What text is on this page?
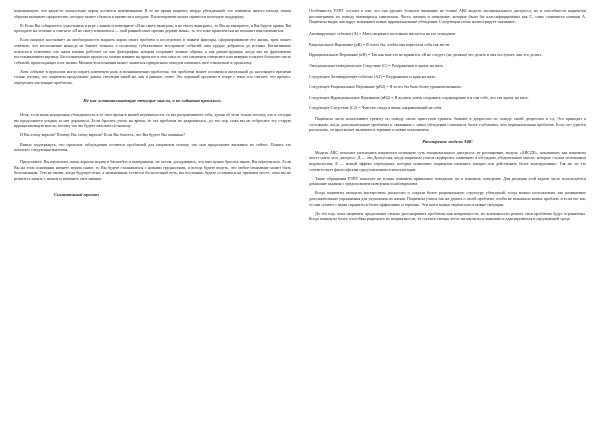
понимающую, что какие-то личностные черты остаются неизменными. В то же время пациент, твердо убежденный, что изменить ничего нельзя, таким образом вызывает пророчество, которое может сбыться и привести к неудаче. Психотерапевт может принести полезную поддержку.

В: Если Вы собираетесь участвовать в игре с вином и повторяете «Я не смогу выиграть, я не смогу выиграть», то Вы не выиграете, и Вы будете правы. Вы проходите на лечение и считаете «Я не смогу измениться — мой ранний опыт прочно держит меня», то это тоже практически не поможет вам измениться.

Если пациент настаивает на необходимости вскрыть корни своих проблем и исследовать в памяти факторы, сформировавшие его жизнь, врач может ответить, что восполнение никогда не бывает точным, а поскольку субъективное восприятие событий, нам трудно добраться до истины. Когнитивные психологи отмечают, что наша память работает не как фотография, которая сохраняет точные образы, а как реконструкция, когда мы по фрагментам восстанавливаем картину. Бессознательные процессы сильно влияют на прошлое в том смысле, что пациенты отвергают или неверно толкуют большую часть событий, происходящих в их жизни. Момент восполнения может оказаться прекрасным поводом изменить свое отношение к прошлому.

Хотя событие в прошлом могло играть ключевую роль в возникновении проблемы, эта проблема может оставаться актуальной до настоящего времени только потому, что пациенты продолжают давать ситуации такой же, как и раньше, ответ. Это хороший аргумент в споре с теми, кто считает, что процесс определяет настоящие проблемы.

Не нас останавливающие текущие мысли, а не события прошлого.

Итак, если ваша неразумная убежденность в ее свое время в вашей неуязвимости, то вы растравливаете себя, думая об этом только потому, что и сегодня вы продолжаете упорно за нее держаться. Если бросить учить на время, то эта проблема не разрешилась, до тех пор, пока вы не отбросите эту старую иррациональную мысль, потому что вы будете мыслить по-новому.

И Вы этому верили? Почему Вы этому верили? Если Вы боитесь, что Вы будете Вы повинны?

Важно подчеркнуть, что прошлые заблуждения остаются проблемой для пациентов потому, что они продолжают вызывать их сейчас. Понять это помогает следующая аналогия.

Представьте, Вы научились очень хорошо играть в баскетбол и выигрывали, но потом, догадавшись, что мяч нужно бросать иначе, Вы переучились. Если Вы на этом основании начнете играть иначе, то Вы будете сталкиваться с новыми трудностями, и всегда будете видеть, что любое изменение может быть болезненным. Тем не менее, когда будущее ясно, а неизменным остается бесполезный путь, вы постоянно будете оставаться на прежнем месте, пока вы не решитесь начать с начала и изменить свое мнение.

Симптомный прогноз

Особенность РЭПТ состоит в том, что она уделяет большое внимание не только АВС-модели эмоционального дистресса, но и способности пациентов рассматривать по поводу имеющихся симптомов. Часто эмоции и поведение, которые были бы классифицированы как С, сами становятся новыми А. Пациенты видят, как вдруг возникают новые иррациональные убеждения. Следующая схема иллюстрирует сказанное.

Активирующее событие (А) = Мать пациента постоянно жалуется на его поведение.

Рациональное Верование (рВ) = Я хотел бы, чтобы она перестала себя так вести.

Иррациональное Верование (иВ) = Так как мне это не нравится, ей не следует (не должна) это делать и она поступает, как это делает.

Эмоционально-поведенческое Следствие (С) = Раздражение и кричу на мать.

Следующее Активирующее событие (А2) = Раздражение и крик на мать.

Следующее Рациональное Верование (рВ2) = Я хотел бы быть более уравновешенным.

Следующее Иррациональное Верование (иВ2) = Я должен уметь сохранять хладнокровие и я сам себе, что так кричу на мать.

Следующее Следствие (С2) = Чувство стыда и вины, направленный на себя.

Пациенты часто испытывают тревогу по поводу своих приступов тревоги, бывают в депрессии по поводу своей депрессии и т.д. Это приводит к состоянию, когда дополнительные проблемы и связанные с ними убеждения становятся более глубокими, чем первоначальная проблема. Если это удается распознать, то врач может включить в терапию и новые компоненты.

Расширение модели АВС

Модель АВС помогает разъяснить пациентам истинную суть эмоционального дистресса; ее расширение, модель «АВСДЕ», показывает, как пациенты могут снять этот дистресс: Д — это Дискуссия, когда пациенты учатся подвергать сомнению и обсуждать убедительные мысли, которые служат источником недовольства; Е — новый эффект, переоценка, которые позволяют пациентам изменить эмоции или действовать более конструктивно. Так же ли это соответствует философским представлениям в консультации.

Такие обращения РЭПТ помогает не только изменить привычное поведение, но и изменить поведение. Для решения этой задачи часто используются домашние задания с предписанием поведения и наблюдением.

Когда пациенты овладели мастерством дискуссии и создали более рациональную структуру убеждений, тогда можно использовать так называемые дополнительные упражнения для улучшения их жизни. Пациенты учатся так же думать о своей проблеме, чтобы не возникало новых проблем, и если это так, то они сумеют с ними справиться более эффективно и терпимо. Эти шаги можно переносить в новые ситуации.

До тех пор, пока пациенты продолжают сильно рассматривать проблемы как неприятности, их возможности решать свои проблемы будут ограничены. Когда пациенты более способны разрешать их неприятности, то соответственно легче им научиться понимать и адаптироваться в окружающей среде.
